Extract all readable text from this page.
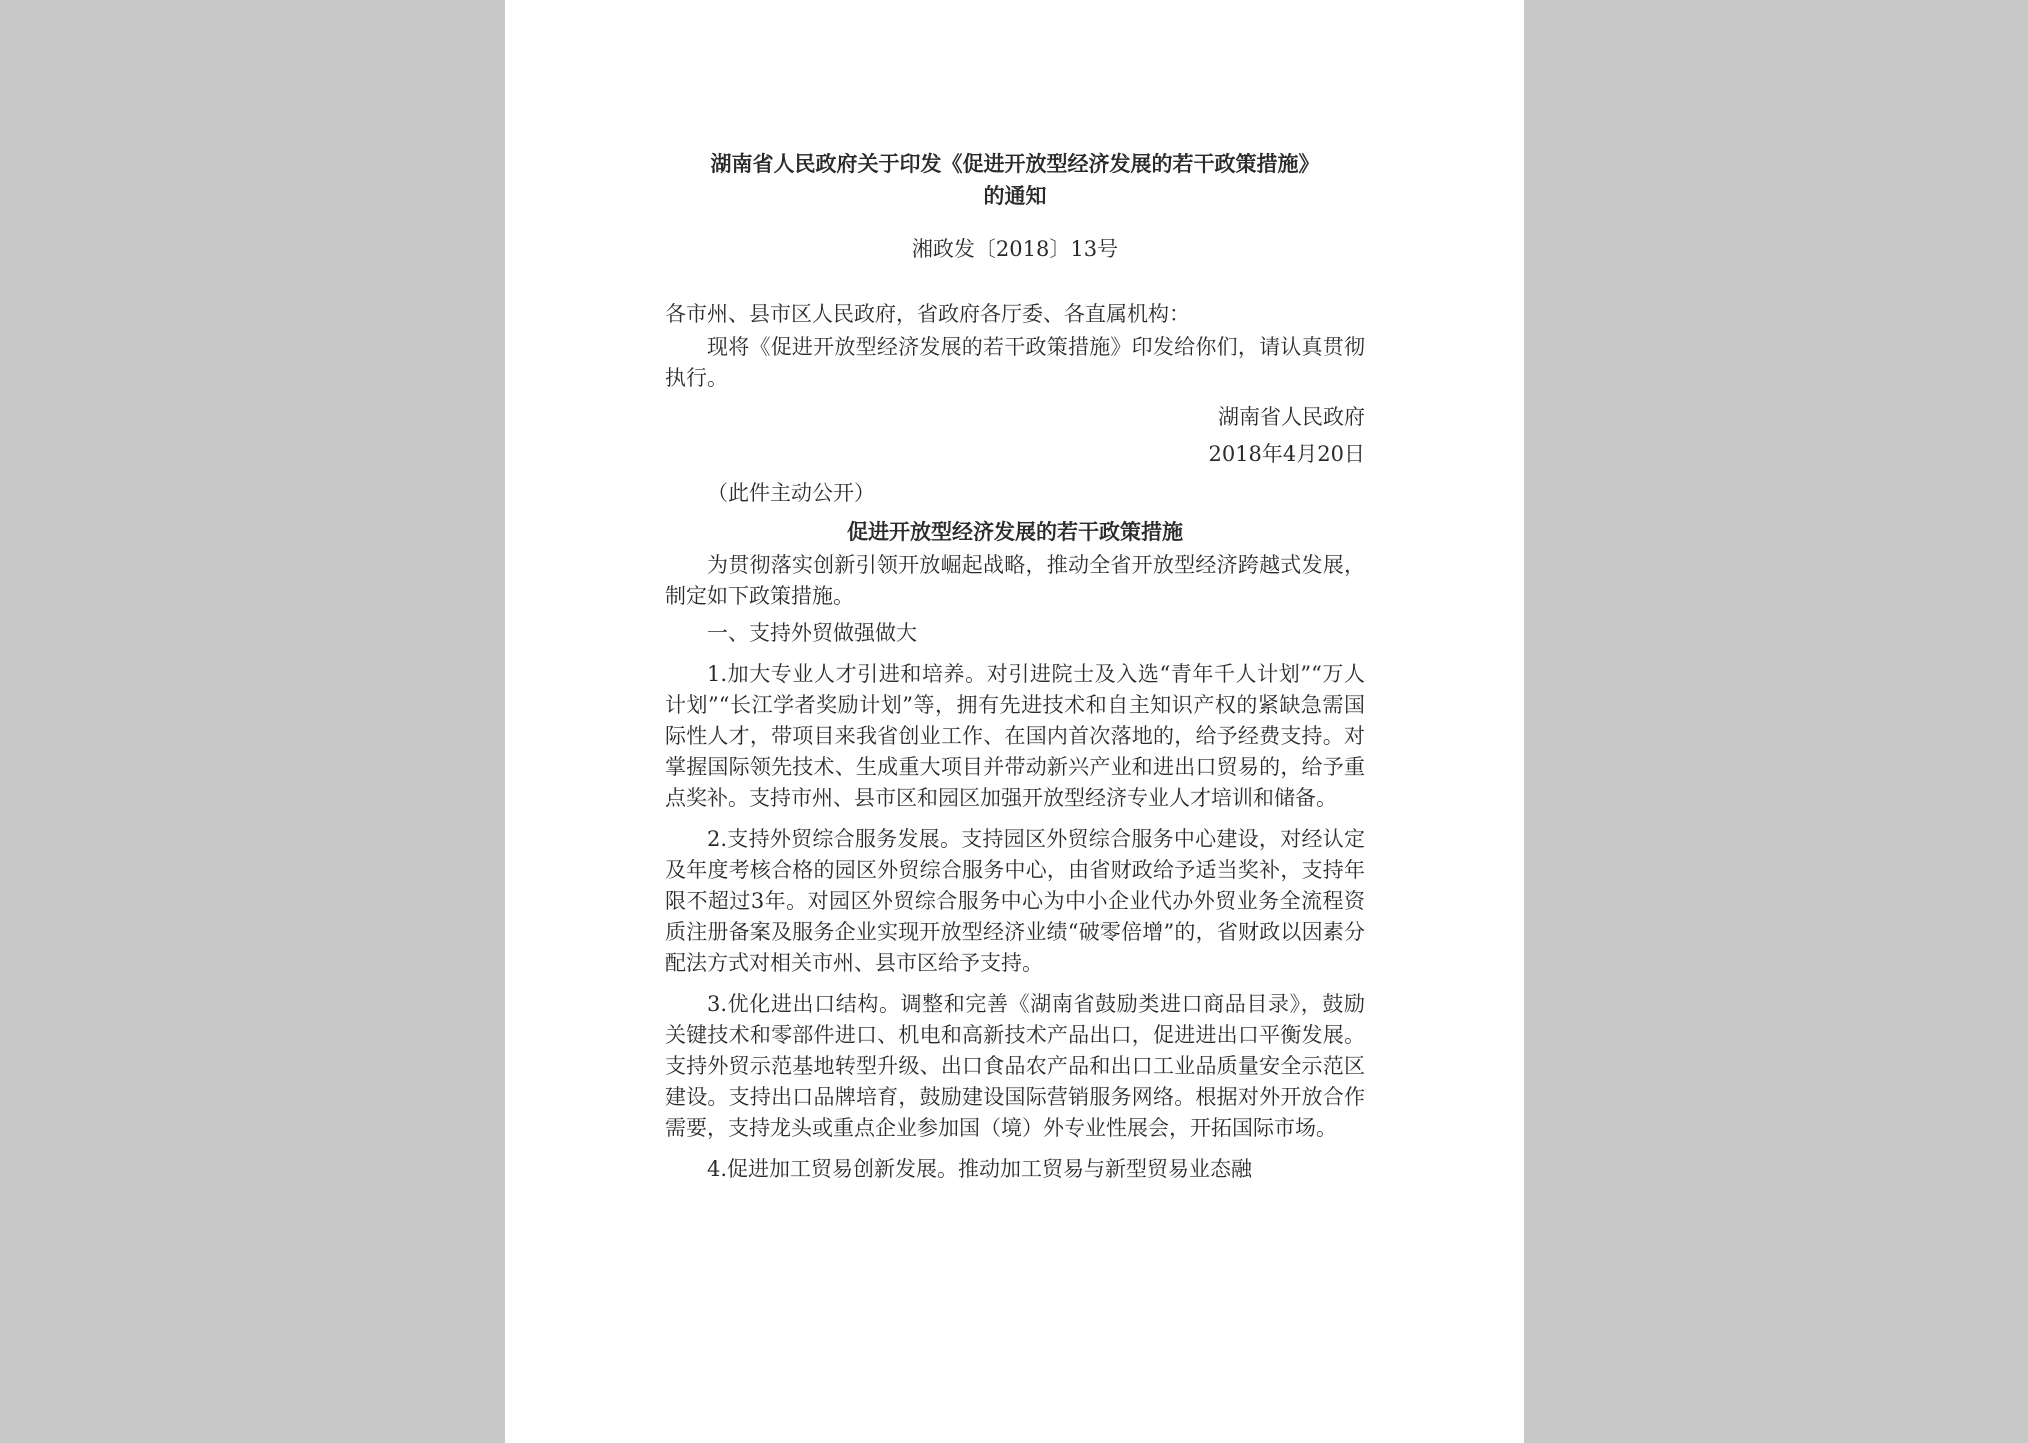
湖南省人民政府关于印发《促进开放型经济发展的若干政策措施》
的通知
湘政发〔2018〕13号
各市州、县市区人民政府，省政府各厅委、各直属机构：
现将《促进开放型经济发展的若干政策措施》印发给你们，请认真贯彻执行。
湖南省人民政府
2018年4月20日
（此件主动公开）
促进开放型经济发展的若干政策措施
为贯彻落实创新引领开放崛起战略，推动全省开放型经济跨越式发展，制定如下政策措施。
一、支持外贸做强做大
1.加大专业人才引进和培养。对引进院士及入选“青年千人计划”“万人计划”“长江学者奖励计划”等，拥有先进技术和自主知识产权的紧缺急需国际性人才，带项目来我省创业工作、在国内首次落地的，给予经费支持。对掌握国际领先技术、生成重大项目并带动新兴产业和进出口贸易的，给予重点奖补。支持市州、县市区和园区加强开放型经济专业人才培训和储备。
2.支持外贸综合服务发展。支持园区外贸综合服务中心建设，对经认定及年度考核合格的园区外贸综合服务中心，由省财政给予适当奖补，支持年限不超过3年。对园区外贸综合服务中心为中小企业代办外贸业务全流程资质注册备案及服务企业实现开放型经济业绩“破零倍增”的，省财政以因素分配法方式对相关市州、县市区给予支持。
3.优化进出口结构。调整和完善《湖南省鼓励类进口商品目录》，鼓励关键技术和零部件进口、机电和高新技术产品出口，促进进出口平衡发展。支持外贸示范基地转型升级、出口食品农产品和出口工业品质量安全示范区建设。支持出口品牌培育，鼓励建设国际营销服务网络。根据对外开放合作需要，支持龙头或重点企业参加国（境）外专业性展会，开拓国际市场。
4.促进加工贸易创新发展。推动加工贸易与新型贸易业态融
